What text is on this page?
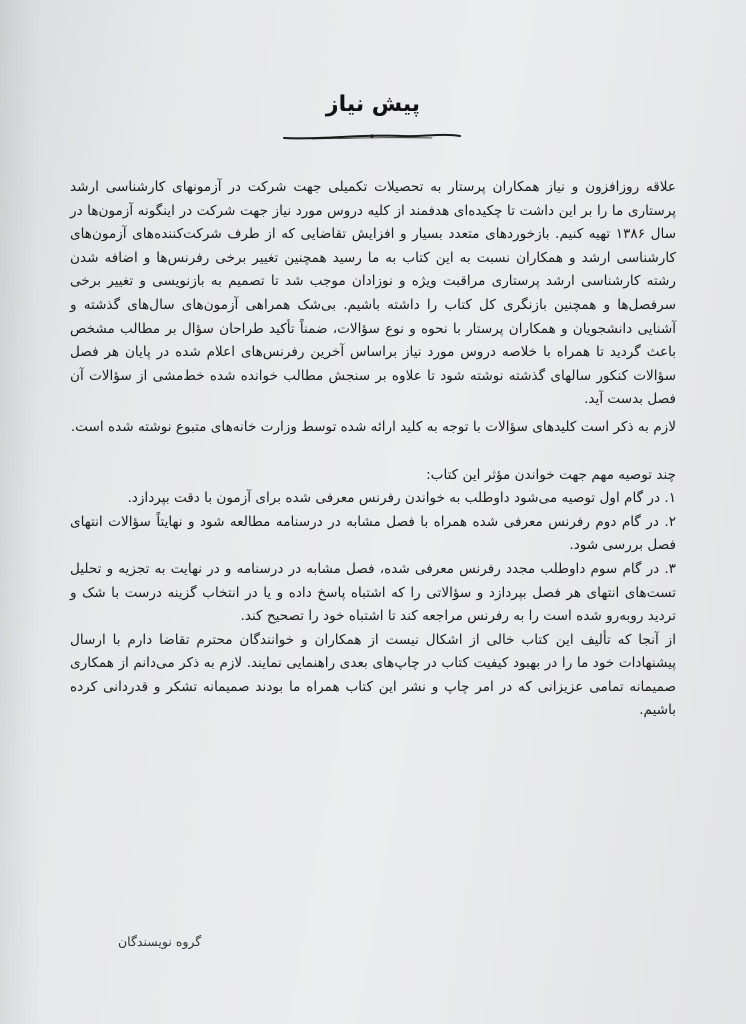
پیش نیاز

علاقه روزافزون و نیاز همکاران پرستار به تحصیلات تکمیلی جهت شرکت در آزمونهای کارشناسی ارشد پرستاری ما را بر این داشت تا چکیده‌ای هدفمند از کلیه دروس مورد نیاز جهت شرکت در اینگونه آزمون‌ها در سال ۱۳۸۶ تهیه کنیم. بازخوردهای متعدد بسیار و افزایش تقاضایی که از طرف شرکت‌کننده‌های آزمون‌های کارشناسی ارشد و همکاران نسبت به این کتاب به ما رسید همچنین تغییر برخی رفرنس‌ها و اضافه شدن رشته کارشناسی ارشد پرستاری مراقبت ویژه و نوزادان موجب شد تا تصمیم به بازنویسی و تغییر برخی سرفصل‌ها و همچنین بازنگری کل کتاب را داشته باشیم. بی‌شک همراهی آزمون‌های سال‌های گذشته و آشنایی دانشجویان و همکاران پرستار با نحوه و نوع سؤالات، ضمناً تأکید طراحان سؤال بر مطالب مشخص باعث گردید تا همراه با خلاصه دروس مورد نیاز براساس آخرین رفرنس‌های اعلام شده در پایان هر فصل سؤالات کنکور سالهای گذشته نوشته شود تا علاوه بر سنجش مطالب خوانده شده خط‌مشی از سؤالات آن فصل بدست آید.

لازم به ذکر است کلیدهای سؤالات با توجه به کلید ارائه شده توسط وزارت خانه‌های متبوع نوشته شده است.

چند توصیه مهم جهت خواندن مؤثر این کتاب:

۱. در گام اول توصیه می‌شود داوطلب به خواندن رفرنس معرفی شده برای آزمون با دقت بپردازد.

۲. در گام دوم رفرنس معرفی شده همراه با فصل مشابه در درسنامه مطالعه شود و نهایتاً سؤالات انتهای فصل بررسی شود.

۳. در گام سوم داوطلب مجدد رفرنس معرفی شده، فصل مشابه در درسنامه و در نهایت به تجزیه و تحلیل تست‌های انتهای هر فصل بپردازد و سؤالاتی را که اشتباه پاسخ داده و یا در انتخاب گزینه درست با شک و تردید روبه‌رو شده است را به رفرنس مراجعه کند تا اشتباه خود را تصحیح کند.

از آنجا که تألیف این کتاب خالی از اشکال نیست از همکاران و خوانندگان محترم تقاضا دارم با ارسال پیشنهادات خود ما را در بهبود کیفیت کتاب در چاپ‌های بعدی راهنمایی نمایند. لازم به ذکر می‌دانم از همکاری صمیمانه تمامی عزیزانی که در امر چاپ و نشر این کتاب همراه ما بودند صمیمانه تشکر و قدردانی کرده باشیم.

گروه نویسندگان
